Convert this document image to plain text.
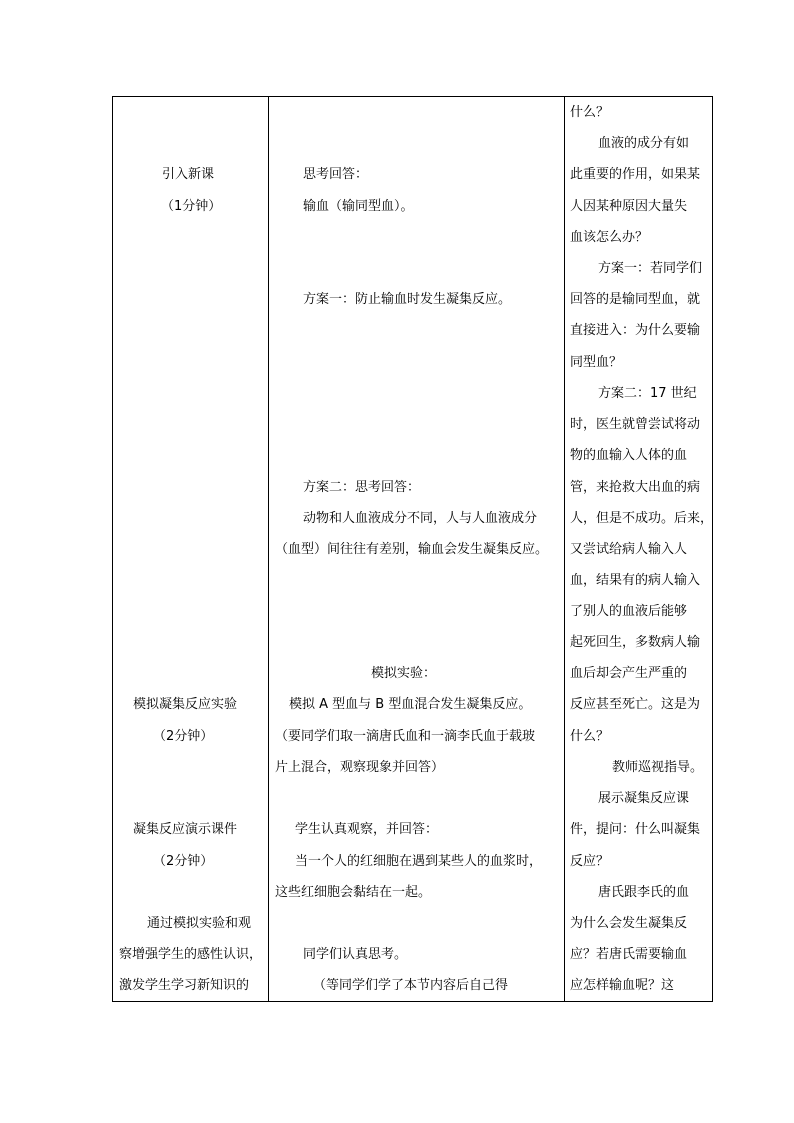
引入新课
（1分钟）
模拟凝集反应实验
（2分钟）
凝集反应演示课件
（2分钟）
通过模拟实验和观
察增强学生的感性认识，
激发学生学习新知识的
思考回答：
输血（输同型血）。
方案一：防止输血时发生凝集反应。
方案二：思考回答：
动物和人血液成分不同，人与人血液成分
（血型）间往往有差别，输血会发生凝集反应。
模拟实验：
模拟 A 型血与 B 型血混合发生凝集反应。
（要同学们取一滴唐氏血和一滴李氏血于载玻
片上混合，观察现象并回答）
学生认真观察，并回答：
当一个人的红细胞在遇到某些人的血浆时，
这些红细胞会黏结在一起。
同学们认真思考。
（等同学们学了本节内容后自己得
什么？
血液的成分有如
此重要的作用，如果某
人因某种原因大量失
血该怎么办？
方案一：若同学们
回答的是输同型血，就
直接进入：为什么要输
同型血？
方案二：17 世纪
时，医生就曾尝试将动
物的血输入人体的血
管，来抢救大出血的病
人，但是不成功。后来，
又尝试给病人输入人
血，结果有的病人输入
了别人的血液后能够
起死回生，多数病人输
血后却会产生严重的
反应甚至死亡。这是为
什么？
教师巡视指导。
展示凝集反应课
件，提问：什么叫凝集
反应？
唐氏跟李氏的血
为什么会发生凝集反
应？若唐氏需要输血
应怎样输血呢？这
